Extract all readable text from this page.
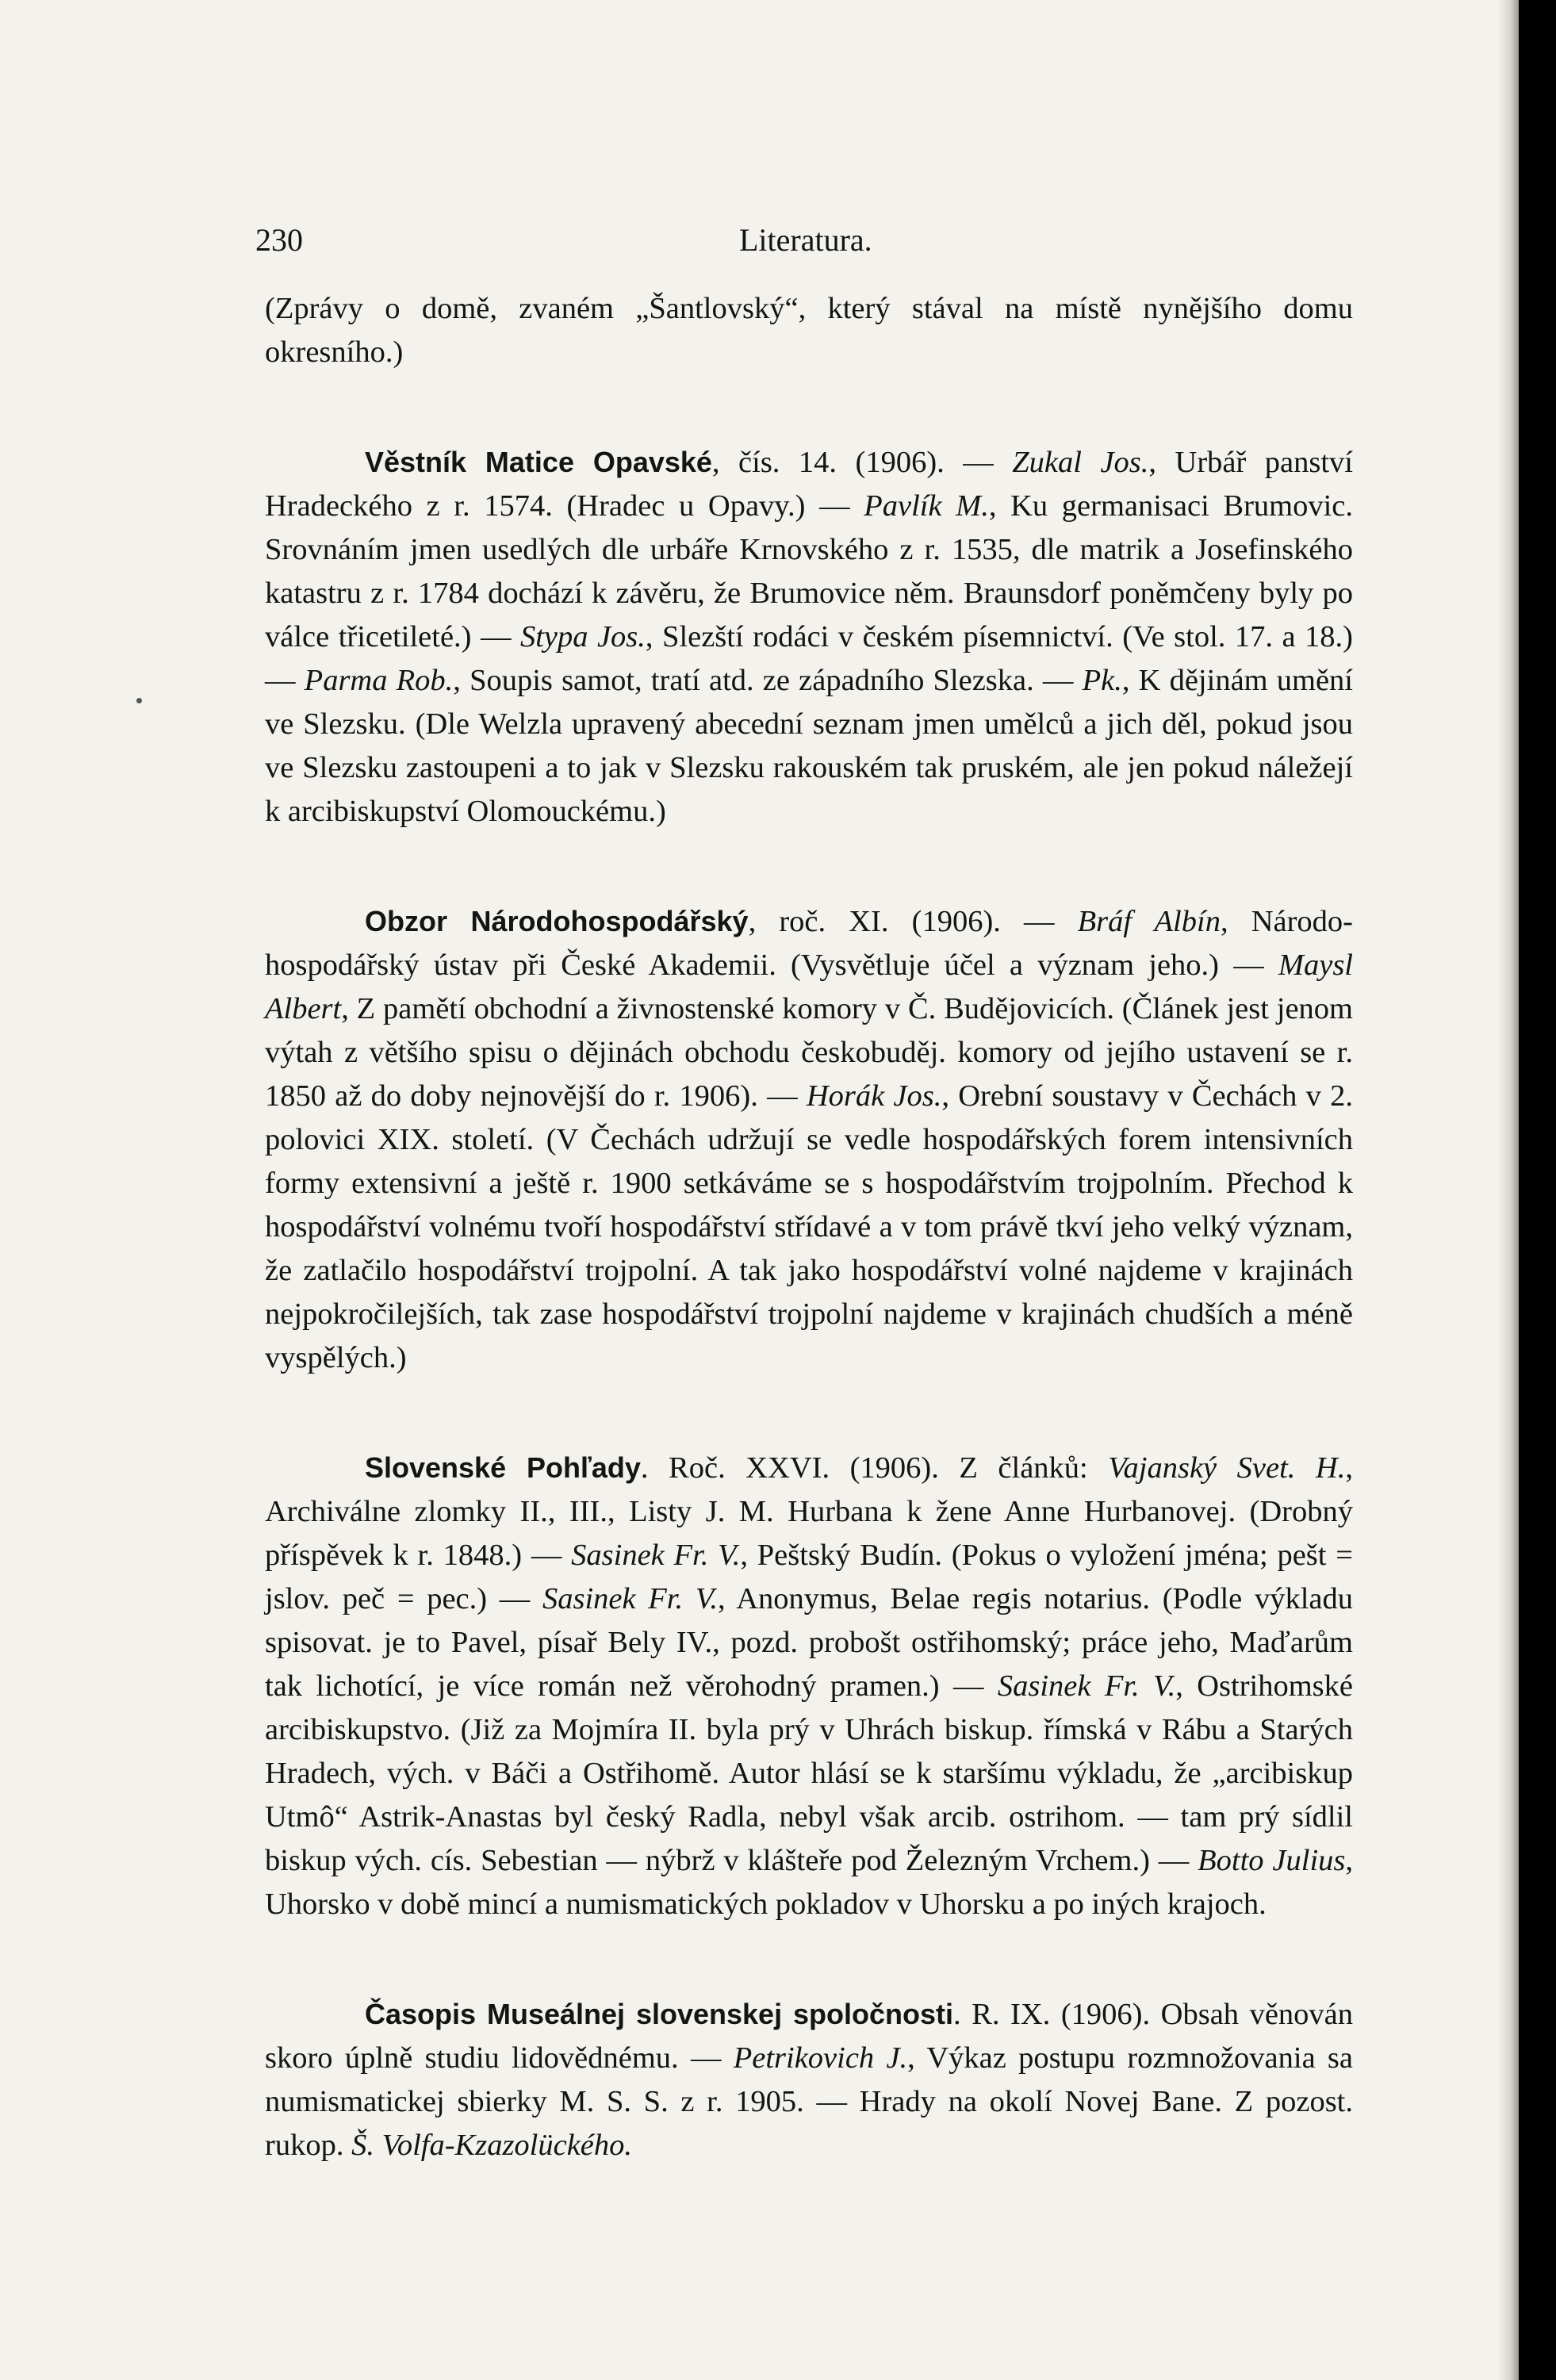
230	Literatura.

(Zprávy o domě, zvaném „Šantlovský“, který stával na místě nynějšího domu okresního.)

Věstník Matice Opavské, čís. 14. (1906). — Zukal Jos., Urbář panství Hradeckého z r. 1574. (Hradec u Opavy.) — Pavlík M., Ku germanisaci Brumovic. Srovnáním jmen usedlých dle urbáře Krnovského z r. 1535, dle matrik a Josefinského katastru z r. 1784 dochází k závěru, že Brumovice něm. Braunsdorf poněmčeny byly po válce třicetileté.) — Stypa Jos., Slezští rodáci v českém písemnictví. (Ve stol. 17. a 18.) — Parma Rob., Soupis samot, tratí atd. ze západního Slezska. — Pk., K dějinám umění ve Slezsku. (Dle Welzla upravený abecední seznam jmen umělců a jich děl, pokud jsou ve Slezsku zastoupeni a to jak v Slezsku rakouském tak pruském, ale jen pokud náležejí k arcibiskupství Olomouckému.)

Obzor Národohospodářský, roč. XI. (1906). — Bráf Albín, Národohospodářský ústav při České Akademii. (Vysvětluje účel a význam jeho.) — Maysl Albert, Z pamětí obchodní a živnostenské komory v Č. Budějovicích. (Článek jest jenom výtah z většího spisu o dějinách obchodu českobuděj. komory od jejího ustavení se r. 1850 až do doby nejnovější do r. 1906). — Horák Jos., Orební soustavy v Čechách v 2. polovici XIX. století. (V Čechách udržují se vedle hospodářských forem intensivních formy extensivní a ještě r. 1900 setkáváme se s hospodářstvím trojpolním. Přechod k hospodářství volnému tvoří hospodářství střídavé a v tom právě tkví jeho velký význam, že zatlačilo hospodářství trojpolní. A tak jako hospodářství volné najdeme v krajinách nejpokročilejších, tak zase hospodářství trojpolní najdeme v krajinách chudších a méně vyspělých.)

Slovenské Pohľady. Roč. XXVI. (1906). Z článků: Vajanský Svet. H., Archiválne zlomky II., III., Listy J. M. Hurbana k žene Anne Hurbanovej. (Drobný příspěvek k r. 1848.) — Sasinek Fr. V., Peštský Budín. (Pokus o vyložení jména; pešt = jslov. peč = pec.) — Sasinek Fr. V., Anonymus, Belae regis notarius. (Podle výkladu spisovat. je to Pavel, písař Bely IV., pozd. probošt ostřihomský; práce jeho, Maďarům tak lichotící, je více román než věrohodný pramen.) — Sasinek Fr. V., Ostrihomské arcibiskupstvo. (Již za Mojmíra II. byla prý v Uhrách biskup. římská v Rábu a Starých Hradech, vých. v Báči a Ostřihomě. Autor hlásí se k staršímu výkladu, že „arcibiskup Utmô“ Astrik-Anastas byl český Radla, nebyl však arcib. ostrihom. — tam prý sídlil biskup vých. cís. Sebestian — nýbrž v klášteře pod Železným Vrchem.) — Botto Julius, Uhorsko v době mincí a numismatických pokladov v Uhorsku a po iných krajoch.

Časopis Museálnej slovenskej spoločnosti. R. IX. (1906). Obsah věnován skoro úplně studiu lidovědnému. — Petrikovich J., Výkaz postupu rozmnožovania sa numismatickej sbierky M. S. S. z r. 1905. — Hrady na okolí Novej Bane. Z pozost. rukop. Š. Volfa-Kzazolückého.
